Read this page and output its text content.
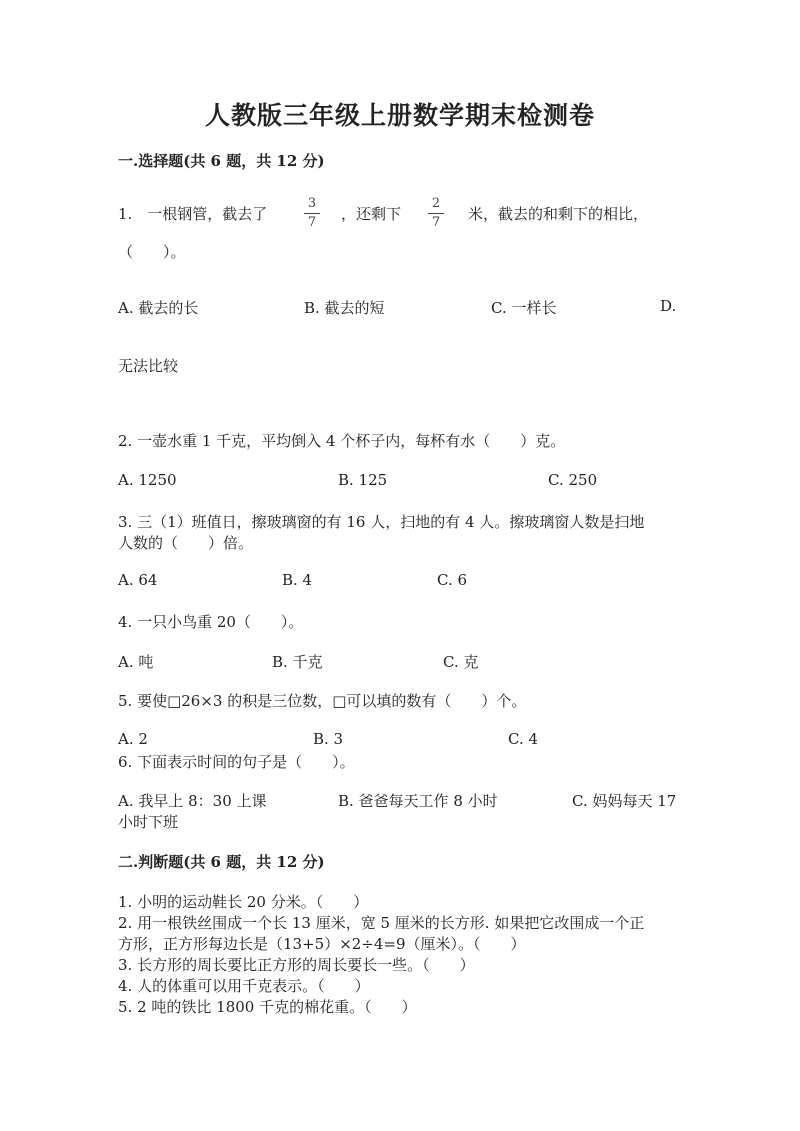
人教版三年级上册数学期末检测卷
一.选择题(共 6 题，共 12 分)
1.　一根钢管，截去了
3
7 ，还剩下
2
7 米，截去的和剩下的相比，
（　　）。
A. 截去的长	B. 截去的短	C. 一样长	D.
无法比较
2. 一壶水重 1 千克，平均倒入 4 个杯子内，每杯有水（　　）克。
A. 1250	B. 125	C. 250
3. 三（1）班值日，擦玻璃窗的有 16 人，扫地的有 4 人。擦玻璃窗人数是扫地
人数的（　　）倍。
A. 64	B. 4	C. 6
4. 一只小鸟重 20（　　）。
A. 吨	B. 千克	C. 克
5. 要使□26×3 的积是三位数，□可以填的数有（　　）个。
A. 2	B. 3	C. 4
6. 下面表示时间的句子是（　　）。
A. 我早上 8：30 上课	B. 爸爸每天工作 8 小时	C. 妈妈每天 17
小时下班
二.判断题(共 6 题，共 12 分)
1. 小明的运动鞋长 20 分米。（　　）
2. 用一根铁丝围成一个长 13 厘米，宽 5 厘米的长方形. 如果把它改围成一个正
方形，正方形每边长是（13+5）×2÷4=9（厘米）。（　　）
3. 长方形的周长要比正方形的周长要长一些。（　　）
4. 人的体重可以用千克表示。（　　）
5. 2 吨的铁比 1800 千克的棉花重。（　　）
